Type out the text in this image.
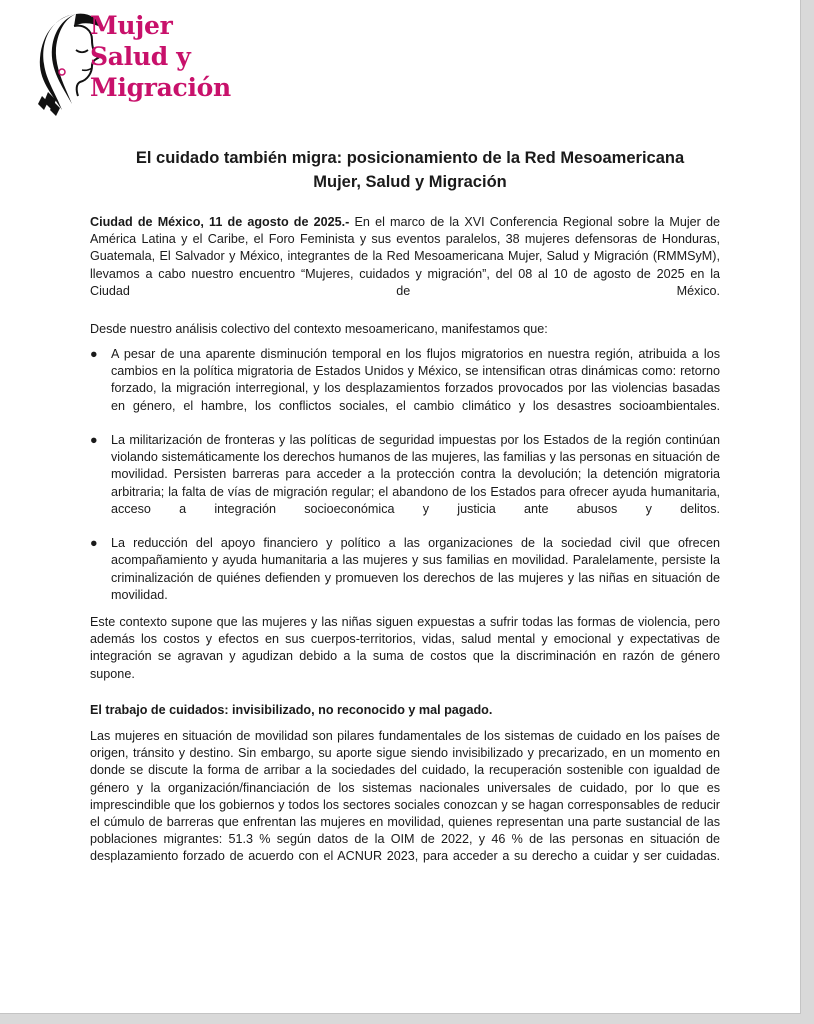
Mujer
Salud y
Migración
El cuidado también migra: posicionamiento de la Red Mesoamericana
Mujer, Salud y Migración
Ciudad de México, 11 de agosto de 2025.- En el marco de la XVI Conferencia Regional sobre la Mujer de América Latina y el Caribe, el Foro Feminista y sus eventos paralelos, 38 mujeres defensoras de Honduras, Guatemala, El Salvador y México, integrantes de la Red Mesoamericana Mujer, Salud y Migración (RMMSyM), llevamos a cabo nuestro encuentro “Mujeres, cuidados y migración”, del 08 al 10 de agosto de 2025 en la Ciudad de México.
Desde nuestro análisis colectivo del contexto mesoamericano, manifestamos que:
● A pesar de una aparente disminución temporal en los flujos migratorios en nuestra región, atribuida a los cambios en la política migratoria de Estados Unidos y México, se intensifican otras dinámicas como: retorno forzado, la migración interregional, y los desplazamientos forzados provocados por las violencias basadas en género, el hambre, los conflictos sociales, el cambio climático y los desastres socioambientales.
● La militarización de fronteras y las políticas de seguridad impuestas por los Estados de la región continúan violando sistemáticamente los derechos humanos de las mujeres, las familias y las personas en situación de movilidad. Persisten barreras para acceder a la protección contra la devolución; la detención migratoria arbitraria; la falta de vías de migración regular; el abandono de los Estados para ofrecer ayuda humanitaria, acceso a integración socioeconómica y justicia ante abusos y delitos.
● La reducción del apoyo financiero y político a las organizaciones de la sociedad civil que ofrecen acompañamiento y ayuda humanitaria a las mujeres y sus familias en movilidad. Paralelamente, persiste la criminalización de quiénes defienden y promueven los derechos de las mujeres y las niñas en situación de movilidad.
Este contexto supone que las mujeres y las niñas siguen expuestas a sufrir todas las formas de violencia, pero además los costos y efectos en sus cuerpos-territorios, vidas, salud mental y emocional y expectativas de integración se agravan y agudizan debido a la suma de costos que la discriminación en razón de género supone.
El trabajo de cuidados: invisibilizado, no reconocido y mal pagado.
Las mujeres en situación de movilidad son pilares fundamentales de los sistemas de cuidado en los países de origen, tránsito y destino. Sin embargo, su aporte sigue siendo invisibilizado y precarizado, en un momento en donde se discute la forma de arribar a la sociedades del cuidado, la recuperación sostenible con igualdad de género y la organización/financiación de los sistemas nacionales universales de cuidado, por lo que es imprescindible que los gobiernos y todos los sectores sociales conozcan y se hagan corresponsables de reducir el cúmulo de barreras que enfrentan las mujeres en movilidad, quienes representan una parte sustancial de las poblaciones migrantes: 51.3 % según datos de la OIM de 2022, y 46 % de las personas en situación de desplazamiento forzado de acuerdo con el ACNUR 2023, para acceder a su derecho a cuidar y ser cuidadas.
